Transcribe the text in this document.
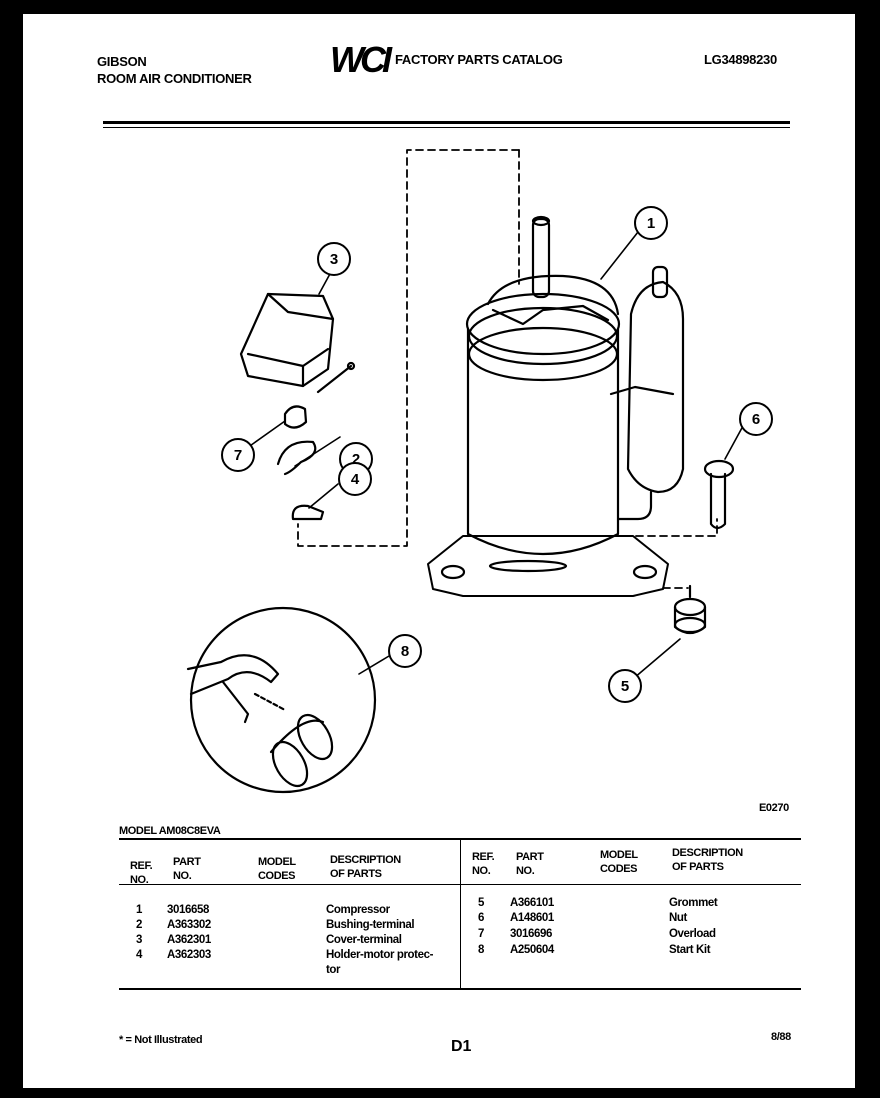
GIBSON
ROOM AIR CONDITIONER WCI FACTORY PARTS CATALOG	LG34898230
1
2
3
4
5
6
7
8
E0270
MODEL AM08C8EVA
REF.
NO.
PART
NO.
MODEL
CODES
DESCRIPTION
OF PARTS
REF.
NO.
PART
NO.
MODEL
CODES
DESCRIPTION
OF PARTS
1 3016658	Compressor
2 A363302	Bushing-terminal
3 A362301	Cover-terminal
4 A362303	Holder-motor protec-
tor
5 A366101	Grommet
6 A148601	Nut
7 3016696	Overload
8 A250604	Start Kit
* = Not Illustrated	D1
8/88
